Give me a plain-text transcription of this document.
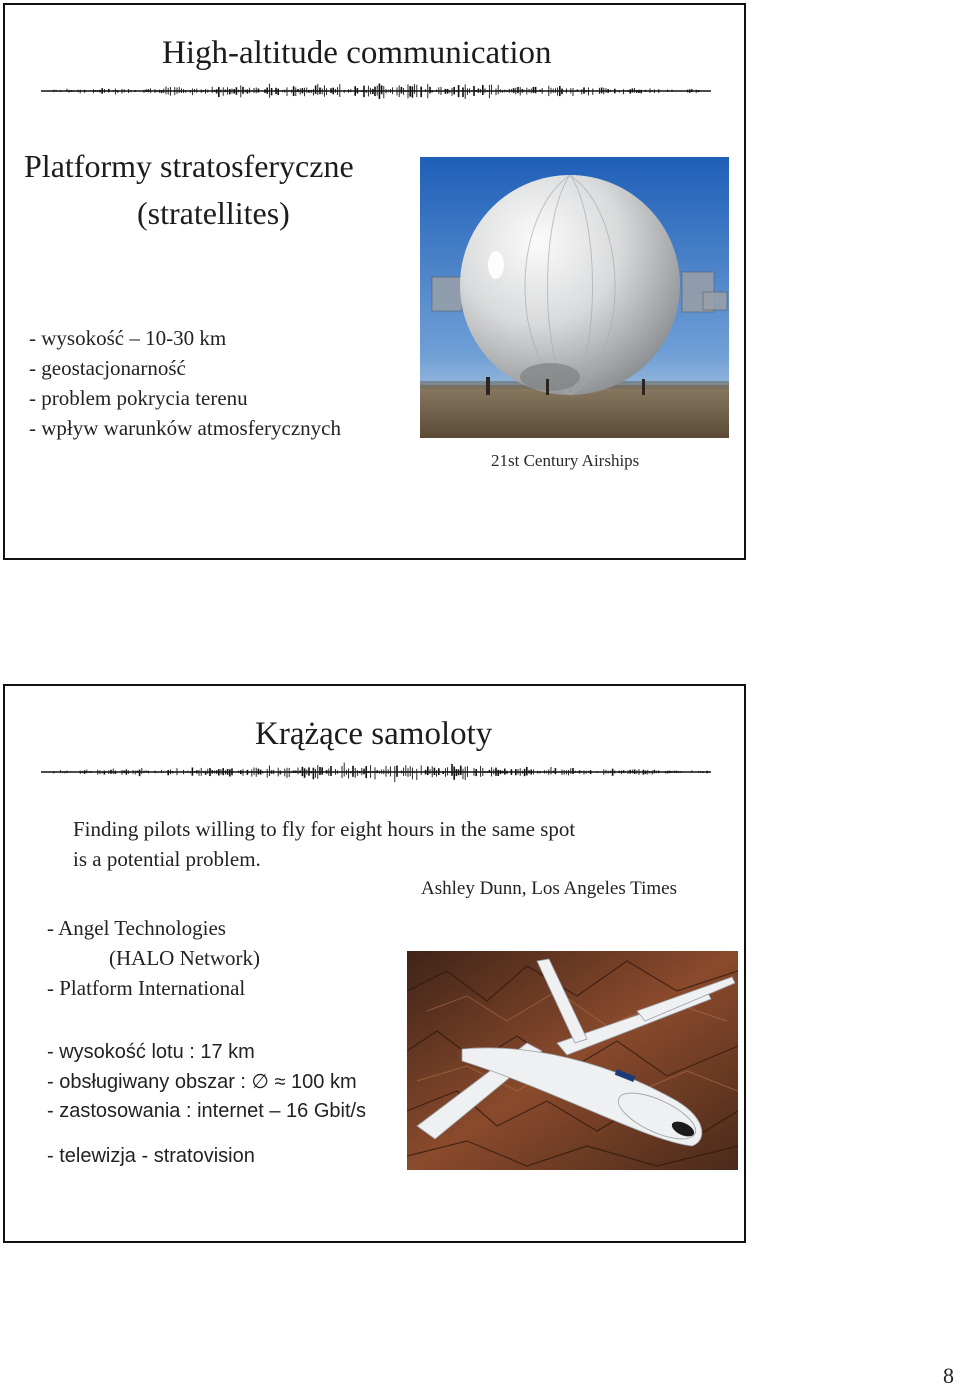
High-altitude communication
Platformy stratosferyczne
(stratellites)
- wysokość – 10-30 km
- geostacjonarność
- problem pokrycia terenu
- wpływ warunków atmosferycznych
21st Century Airships
Krążące samoloty
Finding pilots willing to fly for eight hours in the same spot
is a potential problem.
Ashley Dunn, Los Angeles Times
- Angel Technologies
(HALO Network)
- Platform International
- wysokość lotu : 17 km
- obsługiwany obszar : ∅ ≈ 100 km
- zastosowania : internet – 16 Gbit/s
- telewizja - stratovision
8
